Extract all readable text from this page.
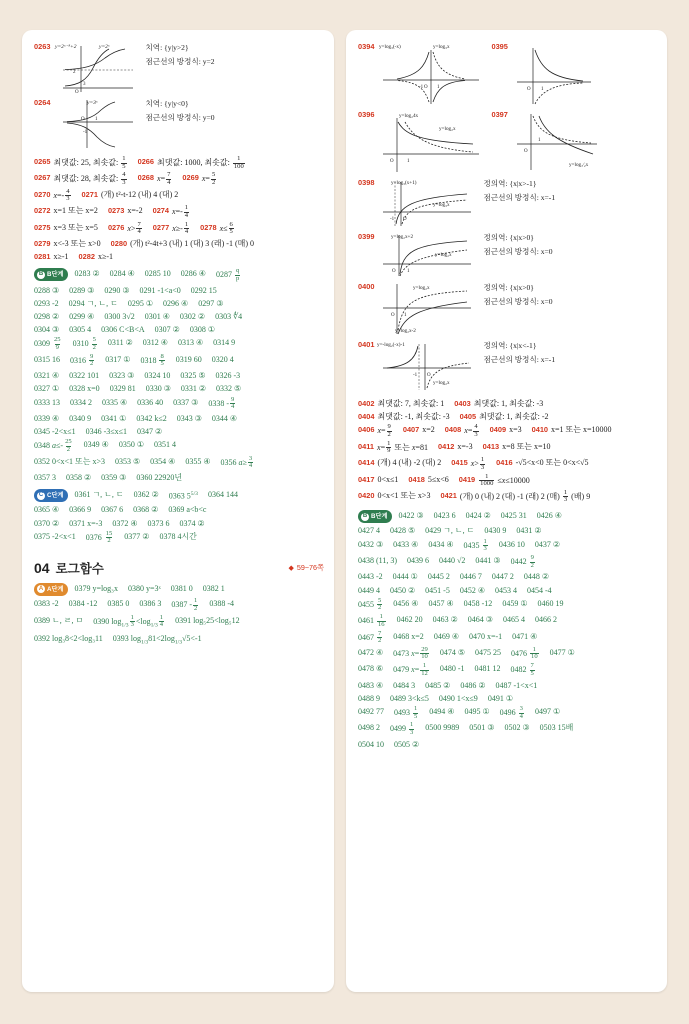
0263 y=2ˣ⁻³+2	y=2ˣ
O
2
3
치역: {y|y>2}
점근선의 방정식: y=2
0264	y=3ˣ
O
-1
1
치역: {y|y<0}
점근선의 방정식: y=0
0265 최댓값: 25, 최솟값: $\frac{1}{5} 0266$ 최댓값: 1000, 최솟값: $\frac{1}{100}$
0267 최댓값: 28, 최솟값: $\frac{4}{3} 0268$ $x= \frac{7}{4} 0269$ $x= \frac{5}{2}$
0270 $x=- \frac{4}{3} 0271$ (개) t²-t-12 (내) 4 (대) 2
0272 x=1 또는 x=2 0273 x=-2 0274 $x=- \frac{1}{4}$
0275 x=3 또는 x=5 0276 $x> \frac{7}{4} 0277$ $x\ge- \frac{1}{4} 0278$ $x\le \frac{6}{5}$
0279 x<-3 또는 x>0 0280 (개) t²-4t+3 (내) 1 (대) 3 (래) -1 (매) 0
0281 x≥-1 0282 x≥-1
B B단계 0283 ② 0284 ④ 0285 10 0286 ④ $0287 \frac{q}{p}$
0288 ③ 0289 ③ 0290 ③ 0291 -1<a<0 0292 15
0293 -2 0294 ㄱ, ㄴ, ㄷ 0295 ① 0296 ④ 0297 ③
0298 ② 0299 ④ 0300 3√2 0301 ④ 0302 ② 0303 ∜4
0304 ③ 0305 4 0306 C<B<A 0307 ② 0308 ①
$0309 \frac{25}{9} 0310 \frac{5}{2} 0311$ ② 0312 ④ 0313 ④ 0314 9
0315 16 $0316 \frac{9}{2} 0317$ ① $0318 \frac{8}{5} 0319$ 60 0320 4
0321 ④ 0322 101 0323 ③ 0324 10 0325 ⑤ 0326 -3
0327 ① 0328 x=0 0329 81 0330 ③ 0331 ② 0332 ⑤
0333 13 0334 2 0335 ④ 0336 40 0337 ③ $0338 - \frac{9}{4}$
0339 ④ 0340 9 0341 ① 0342 k≤2 0343 ③ 0344 ④
0345 -2<x≤1 0346 -3≤x≤1 0347 ②
0348 $a\le- \frac{25}{2} 0349$ ④ 0350 ① 0351 4
0352 0<x<1 또는 x>3 0353 ⑤ 0354 ④ 0355 ④ 0356 $a\ge \frac{3}{4}$
0357 3 0358 ② 0359 ③ 0360 22920년
C C단계 0361 ㄱ, ㄴ, ㄷ 0362 ② 0363 $5^{5/3}$ 0364 144
0365 ④ 0366 9 0367 6 0368 ② 0369 a<b<c
0370 ② 0371 x=-3 0372 ④ 0373 6 0374 ②
0375 -2<x<1 $0376 \frac{15}{2} 0377$ ② 0378 4시간
04 로그함수	◆ 59~76쪽
A A단계 0379 y=log₃x 0380 y=3ˣ 0381 0 0382 1
0383 -2 0384 -12 0385 0 0386 3 $0387 - \frac{1}{2} 0388$ -4
0389 ㄴ, ㄹ, ㅁ 0390 $\log_{1/3} \frac{1}{3} <\log_{1/3} \frac{1}{4} 0391$ log₅25<log₅12
0392 log₃8<2<log₃11 0393 $\log_{1/3}81<2\log_{1/3}√5<-1$
0394 y=log₃(-x)	y=log₃x
O 1
-1
0395
O 1
0396	y=log₂4x
y=log₂x
O	1
0397
y=log₁⁄₂x
O
1
0398	y=log₃(x+1)
y=log₃x
O
-1
정의역: {x|x>-1}
점근선의 방정식: x=-1
0399	y=log₂x+2
y=log₂x
O 1
정의역: {x|x>0}
점근선의 방정식: x=0
0400	y=log₂x
y=log₂x-2
O 1
정의역: {x|x>0}
점근선의 방정식: x=0
0401 y=-log₂(-x)-1
y=log₂x
O
-1
정의역: {x|x<-1}
점근선의 방정식: x=-1
0402 최댓값: 7, 최솟값: 1 0403 최댓값: 1, 최솟값: -3
0404 최댓값: -1, 최솟값: -3 0405 최댓값: 1, 최솟값: -2
0406 $x= \frac{9}{2} 0407$ x=2 0408 $x= \frac{4}{3} 0409$ x=3 0410 x=1 또는 x=10000
0411 $x= \frac{1}{9}$ 또는 x=81 0412 x=-3 0413 x=8 또는 x=10
0414 (개) 4 (내) -2 (대) 2 0415 $x> \frac{1}{3} 0416$ -√5<x<0 또는 0<x<√5
0417 0<x≤1 0418 5≤x<6 $0419 \frac{1}{1000} \le x\le 10000$
0420 0<x<1 또는 x>3 0421 (개) 0 (내) 2 (대) -1 (래) 2 (매) $\frac{1}{3}$ (배) 9
B B단계 0422 ③ 0423 6 0424 ② 0425 31 0426 ④
0427 4 0428 ⑤ 0429 ㄱ, ㄴ, ㄷ 0430 9 0431 ②
0432 ③ 0433 ④ 0434 ④ $0435 \frac{1}{3} 0436$ 10 0437 ②
0438 (11, 3) 0439 6 0440 √2 0441 ③ $0442 \frac{9}{2}$
0443 -2 0444 ① 0445 2 0446 7 0447 2 0448 ②
0449 4 0450 ② 0451 -5 0452 ④ 0453 4 0454 -4
$0455 \frac{5}{2} 0456$ ④ 0457 ④ 0458 -12 0459 ① 0460 19
$0461 \frac{1}{16} 0462$ 20 0463 ② 0464 ③ 0465 4 0466 2
$0467 \frac{7}{2} 0468$ x=2 0469 ④ 0470 x=-1 0471 ④
0472 ④ 0473 $x= \frac{29}{10} 0474$ ⑤ 0475 25 $0476 \frac{1}{10} 0477$ ①
0478 ⑥ 0479 $x= \frac{1}{12} 0480$ -1 0481 12 $0482 \frac{7}{5}$
0483 ④ 0484 3 0485 ② 0486 ② 0487 -1<x<1
0488 9 0489 3<k≤5 0490 1<x≤9 0491 ①
0492 77 $0493 \frac{1}{5} 0494$ ④ 0495 ① $0496 \frac{3}{4} 0497$ ①
0498 2 $0499 \frac{1}{3} 0500$ 9989 0501 ③ 0502 ③ 0503 15배
0504 10 0505 ②
